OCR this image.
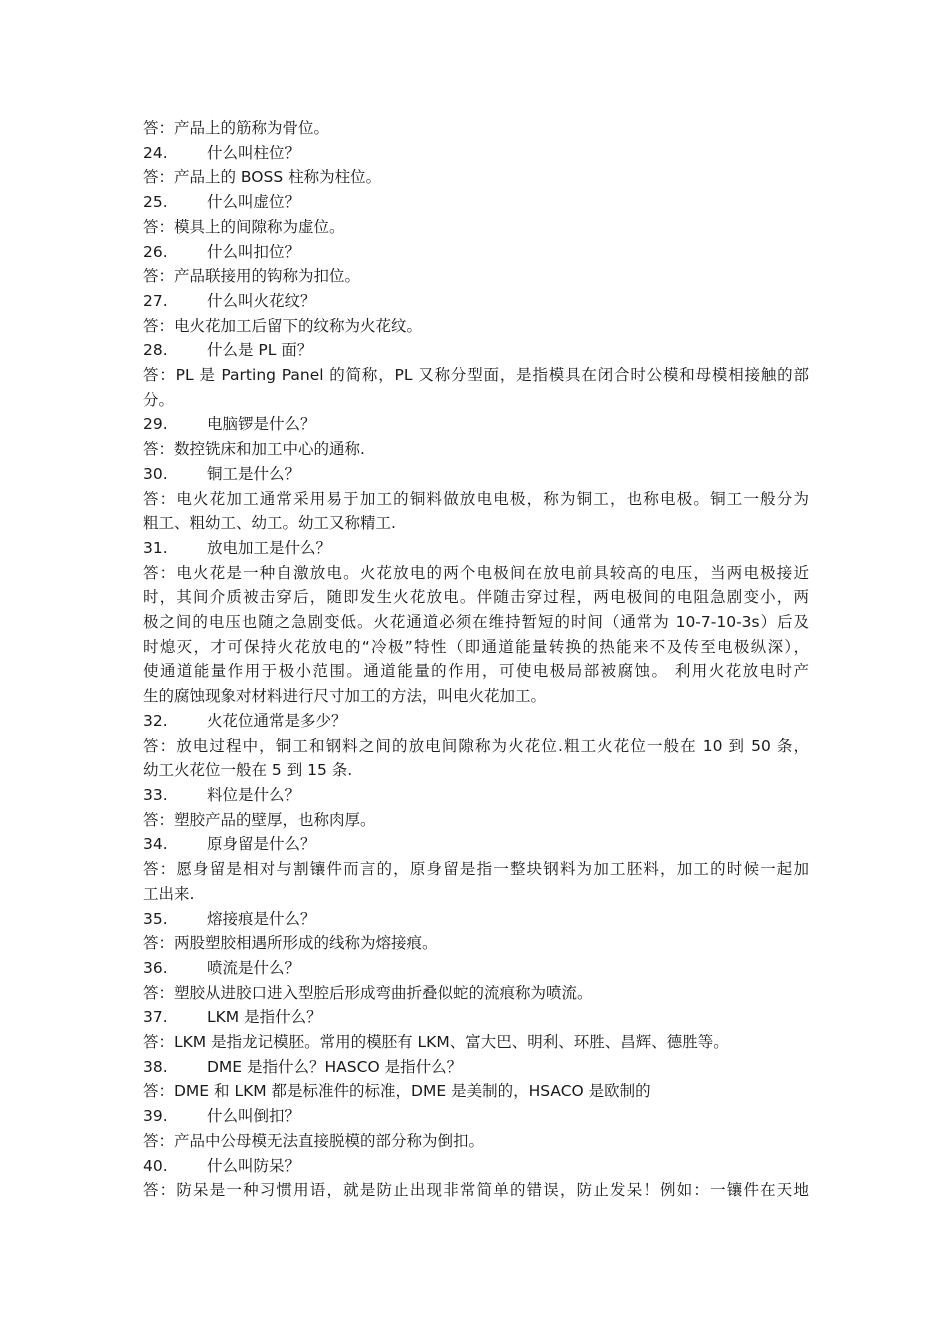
答：产品上的筋称为骨位。
24.	什么叫柱位？
答：产品上的 BOSS 柱称为柱位。
25.	什么叫虚位？
答：模具上的间隙称为虚位。
26.	什么叫扣位？
答：产品联接用的钩称为扣位。
27.	什么叫火花纹？
答：电火花加工后留下的纹称为火花纹。
28.	什么是 PL 面？
答：PL 是 Parting Panel 的简称，PL 又称分型面，是指模具在闭合时公模和母模相接触的部
分。
29.	电脑锣是什么？
答：数控铣床和加工中心的通称.
30.	铜工是什么？
答：电火花加工通常采用易于加工的铜料做放电电极，称为铜工，也称电极。铜工一般分为
粗工、粗幼工、幼工。幼工又称精工.
31.	放电加工是什么？
答：电火花是一种自激放电。火花放电的两个电极间在放电前具较高的电压，当两电极接近
时，其间介质被击穿后，随即发生火花放电。伴随击穿过程，两电极间的电阻急剧变小，两
极之间的电压也随之急剧变低。火花通道必须在维持暂短的时间（通常为 10-7-10-3s）后及
时熄灭，才可保持火花放电的“冷极”特性（即通道能量转换的热能来不及传至电极纵深），
使通道能量作用于极小范围。通道能量的作用，可使电极局部被腐蚀。 利用火花放电时产
生的腐蚀现象对材料进行尺寸加工的方法，叫电火花加工。
32.	火花位通常是多少？
答：放电过程中，铜工和钢料之间的放电间隙称为火花位.粗工火花位一般在 10 到 50 条，
幼工火花位一般在 5 到 15 条.
33.	料位是什么？
答：塑胶产品的壁厚，也称肉厚。
34.	原身留是什么？
答：愿身留是相对与割镶件而言的，原身留是指一整块钢料为加工胚料，加工的时候一起加
工出来.
35.	熔接痕是什么？
答：两股塑胶相遇所形成的线称为熔接痕。
36.	喷流是什么？
答：塑胶从进胶口进入型腔后形成弯曲折叠似蛇的流痕称为喷流。
37.	LKM 是指什么？
答：LKM 是指龙记模胚。常用的模胚有 LKM、富大巴、明利、环胜、昌辉、德胜等。
38.	DME 是指什么？HASCO 是指什么？
答：DME 和 LKM 都是标准件的标准，DME 是美制的，HSACO 是欧制的
39.	什么叫倒扣？
答：产品中公母模无法直接脱模的部分称为倒扣。
40.	什么叫防呆？
答：防呆是一种习惯用语，就是防止出现非常简单的错误，防止发呆！例如：一镶件在天地
